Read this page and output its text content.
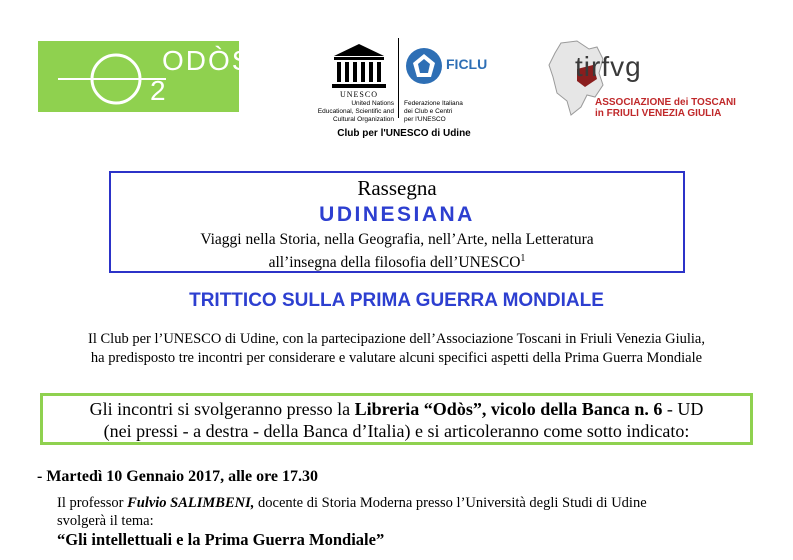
ODÒS
2	UNESCO
FICLU
United Nations
Educational, Scientific and
Cultural Organization
Federazione Italiana
dei Club e Centri
per l'UNESCO
Club per l'UNESCO di Udine
tirfvg
ASSOCIAZIONE dei TOSCANI
in FRIULI VENEZIA GIULIA
Rassegna
UDINESIANA
Viaggi nella Storia, nella Geografia, nell’Arte, nella Letteratura
all’insegna della filosofia dell’UNESCO$^1$
TRITTICO SULLA PRIMA GUERRA MONDIALE
Il Club per l’UNESCO di Udine, con la partecipazione dell’Associazione Toscani in Friuli Venezia Giulia,
ha predisposto tre incontri per considerare e valutare alcuni specifici aspetti della Prima Guerra Mondiale
Gli incontri si svolgeranno presso la Libreria “Odòs”, vicolo della Banca n. 6 - UD
(nei pressi - a destra - della Banca d’Italia) e si articoleranno come sotto indicato:
- Martedì 10 Gennaio 2017, alle ore 17.30
Il professor Fulvio SALIMBENI, docente di Storia Moderna presso l’Università degli Studi di Udine
svolgerà il tema:
“Gli intellettuali e la Prima Guerra Mondiale”
